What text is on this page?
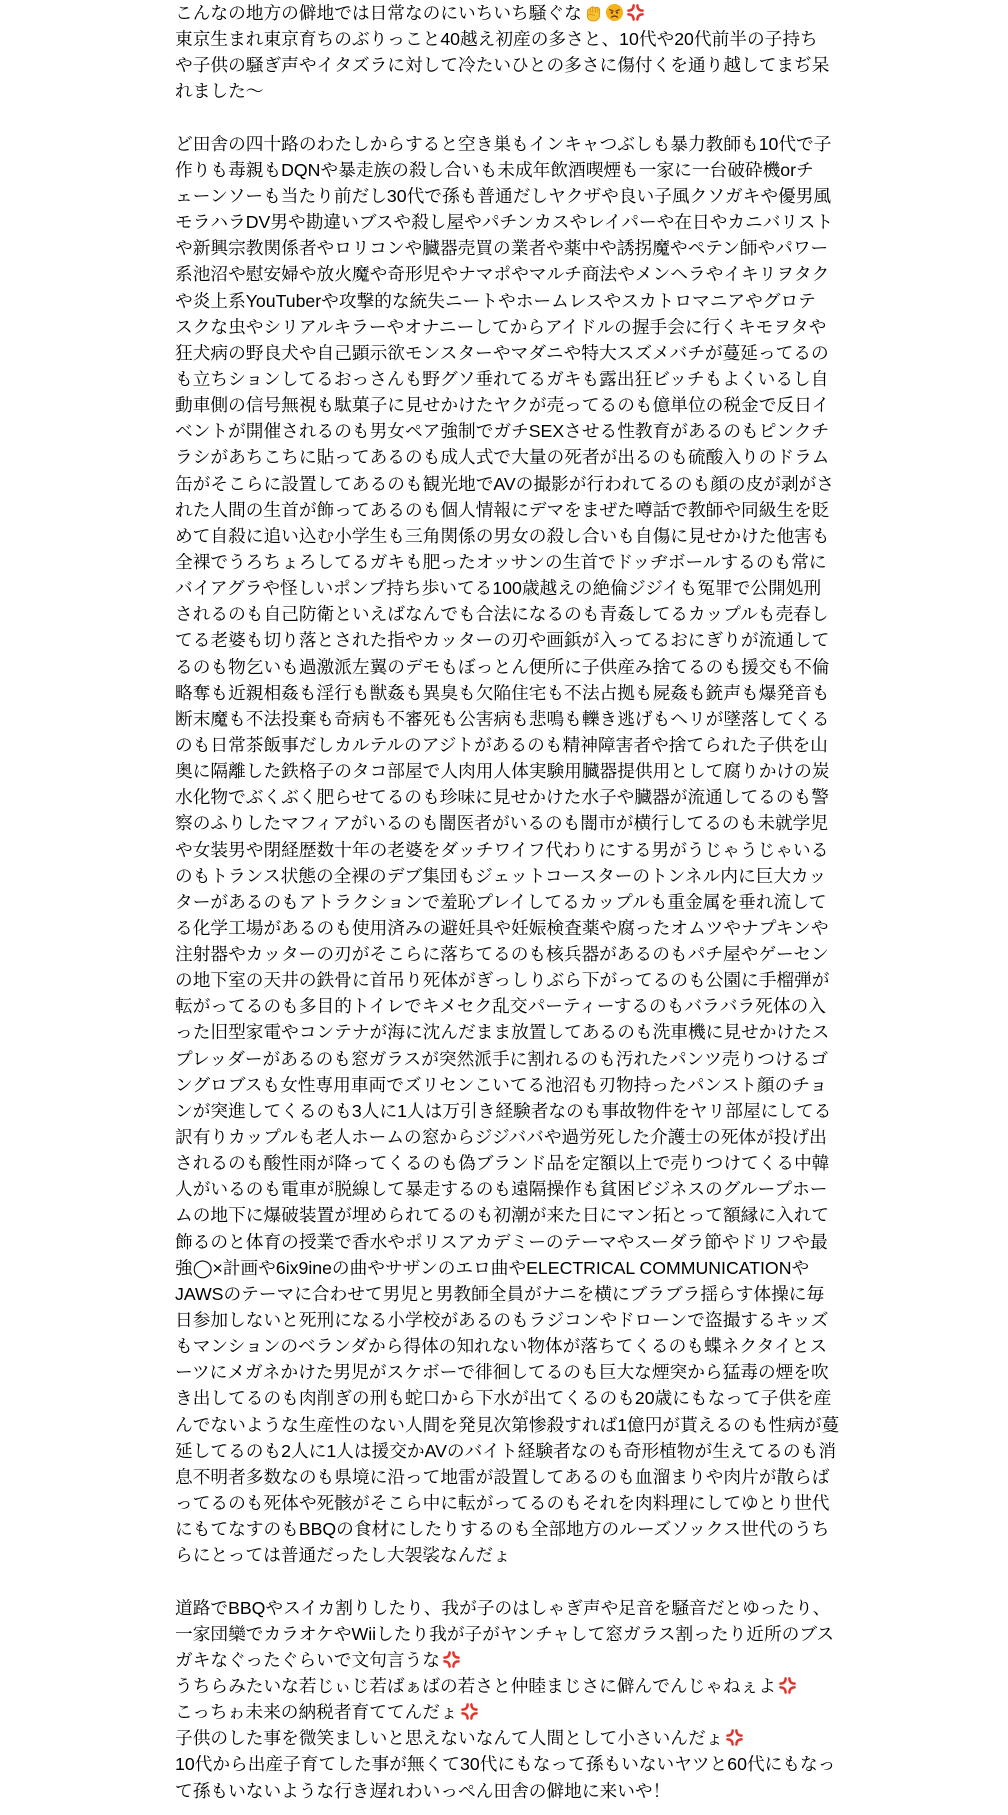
こんなの地方の僻地では日常なのにいちいち騒ぐな
東京生まれ東京育ちのぶりっこと40越え初産の多さと、10代や20代前半の子持ち
や子供の騒ぎ声やイタズラに対して冷たいひとの多さに傷付くを通り越してまぢ呆
れました〜
ど田舎の四十路のわたしからすると空き巣もインキャつぶしも暴力教師も10代で子
作りも毒親もDQNや暴走族の殺し合いも未成年飲酒喫煙も一家に一台破砕機orチ
ェーンソーも当たり前だし30代で孫も普通だしヤクザや良い子風クソガキや優男風
モラハラDV男や勘違いブスや殺し屋やパチンカスやレイパーや在日やカニバリスト
や新興宗教関係者やロリコンや臓器売買の業者や薬中や誘拐魔やペテン師やパワー
系池沼や慰安婦や放火魔や奇形児やナマポやマルチ商法やメンヘラやイキリヲタク
や炎上系YouTuberや攻撃的な統失ニートやホームレスやスカトロマニアやグロテ
スクな虫やシリアルキラーやオナニーしてからアイドルの握手会に行くキモヲタや
狂犬病の野良犬や自己顕示欲モンスターやマダニや特大スズメバチが蔓延ってるの
も立ちションしてるおっさんも野グソ垂れてるガキも露出狂ビッチもよくいるし自
動車側の信号無視も駄菓子に見せかけたヤクが売ってるのも億単位の税金で反日イ
ベントが開催されるのも男女ペア強制でガチSEXさせる性教育があるのもピンクチ
ラシがあちこちに貼ってあるのも成人式で大量の死者が出るのも硫酸入りのドラム
缶がそこらに設置してあるのも観光地でAVの撮影が行われてるのも顔の皮が剥がさ
れた人間の生首が飾ってあるのも個人情報にデマをまぜた噂話で教師や同級生を貶
めて自殺に追い込む小学生も三角関係の男女の殺し合いも自傷に見せかけた他害も
全裸でうろちょろしてるガキも肥ったオッサンの生首でドッヂボールするのも常に
バイアグラや怪しいポンプ持ち歩いてる100歳越えの絶倫ジジイも冤罪で公開処刑
されるのも自己防衛といえばなんでも合法になるのも青姦してるカップルも売春し
てる老婆も切り落とされた指やカッターの刃や画鋲が入ってるおにぎりが流通して
るのも物乞いも過激派左翼のデモもぼっとん便所に子供産み捨てるのも援交も不倫
略奪も近親相姦も淫行も獣姦も異臭も欠陥住宅も不法占拠も屍姦も銃声も爆発音も
断末魔も不法投棄も奇病も不審死も公害病も悲鳴も轢き逃げもヘリが墜落してくる
のも日常茶飯事だしカルテルのアジトがあるのも精神障害者や捨てられた子供を山
奥に隔離した鉄格子のタコ部屋で人肉用人体実験用臓器提供用として腐りかけの炭
水化物でぶくぶく肥らせてるのも珍味に見せかけた水子や臓器が流通してるのも警
察のふりしたマフィアがいるのも闇医者がいるのも闇市が横行してるのも未就学児
や女装男や閉経歴数十年の老婆をダッチワイフ代わりにする男がうじゃうじゃいる
のもトランス状態の全裸のデブ集団もジェットコースターのトンネル内に巨大カッ
ターがあるのもアトラクションで羞恥プレイしてるカップルも重金属を垂れ流して
る化学工場があるのも使用済みの避妊具や妊娠検査薬や腐ったオムツやナプキンや
注射器やカッターの刃がそこらに落ちてるのも核兵器があるのもパチ屋やゲーセン
の地下室の天井の鉄骨に首吊り死体がぎっしりぶら下がってるのも公園に手榴弾が
転がってるのも多目的トイレでキメセク乱交パーティーするのもバラバラ死体の入
った旧型家電やコンテナが海に沈んだまま放置してあるのも洗車機に見せかけたス
プレッダーがあるのも窓ガラスが突然派手に割れるのも汚れたパンツ売りつけるゴ
ングロブスも女性専用車両でズリセンこいてる池沼も刃物持ったパンスト顔のチョ
ンが突進してくるのも3人に1人は万引き経験者なのも事故物件をヤリ部屋にしてる
訳有りカップルも老人ホームの窓からジジババや過労死した介護士の死体が投げ出
されるのも酸性雨が降ってくるのも偽ブランド品を定額以上で売りつけてくる中韓
人がいるのも電車が脱線して暴走するのも遠隔操作も貧困ビジネスのグループホー
ムの地下に爆破装置が埋められてるのも初潮が来た日にマン拓とって額縁に入れて
飾るのと体育の授業で香水やポリスアカデミーのテーマやスーダラ節やドリフや最
強◯×計画や6ix9ineの曲やサザンのエロ曲やELECTRICAL COMMUNICATIONや
JAWSのテーマに合わせて男児と男教師全員がナニを横にブラブラ揺らす体操に毎
日参加しないと死刑になる小学校があるのもラジコンやドローンで盗撮するキッズ
もマンションのベランダから得体の知れない物体が落ちてくるのも蝶ネクタイとス
ーツにメガネかけた男児がスケボーで徘徊してるのも巨大な煙突から猛毒の煙を吹
き出してるのも肉削ぎの刑も蛇口から下水が出てくるのも20歳にもなって子供を産
んでないような生産性のない人間を発見次第惨殺すれば1億円が貰えるのも性病が蔓
延してるのも2人に1人は援交かAVのバイト経験者なのも奇形植物が生えてるのも消
息不明者多数なのも県境に沿って地雷が設置してあるのも血溜まりや肉片が散らば
ってるのも死体や死骸がそこら中に転がってるのもそれを肉料理にしてゆとり世代
にもてなすのもBBQの食材にしたりするのも全部地方のルーズソックス世代のうち
らにとっては普通だったし大袈裟なんだょ
道路でBBQやスイカ割りしたり、我が子のはしゃぎ声や足音を騒音だとゆったり、
一家団欒でカラオケやWiiしたり我が子がヤンチャして窓ガラス割ったり近所のブス
ガキなぐったぐらいで文句言うな
うちらみたいな若じぃじ若ばぁばの若さと仲睦まじさに僻んでんじゃねぇよ
こっちゎ未来の納税者育ててんだょ
子供のした事を微笑ましいと思えないなんて人間として小さいんだょ
10代から出産子育てした事が無くて30代にもなって孫もいないヤツと60代にもなっ
て孫もいないような行き遅れわいっぺん田舎の僻地に来いや！
